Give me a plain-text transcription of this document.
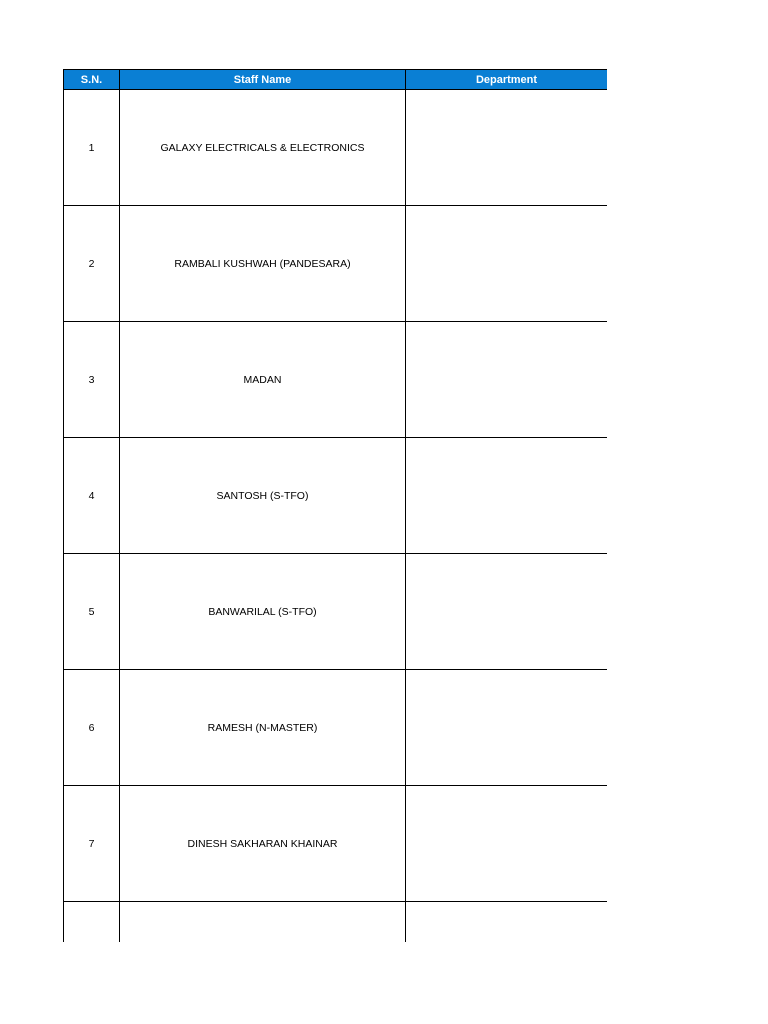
S.N.	Staff Name	Department
1	GALAXY ELECTRICALS & ELECTRONICS	
2	RAMBALI KUSHWAH (PANDESARA)	
3	MADAN	
4	SANTOSH (S-TFO)	
5	BANWARILAL (S-TFO)	
6	RAMESH (N-MASTER)	
7	DINESH SAKHARAN KHAINAR	
